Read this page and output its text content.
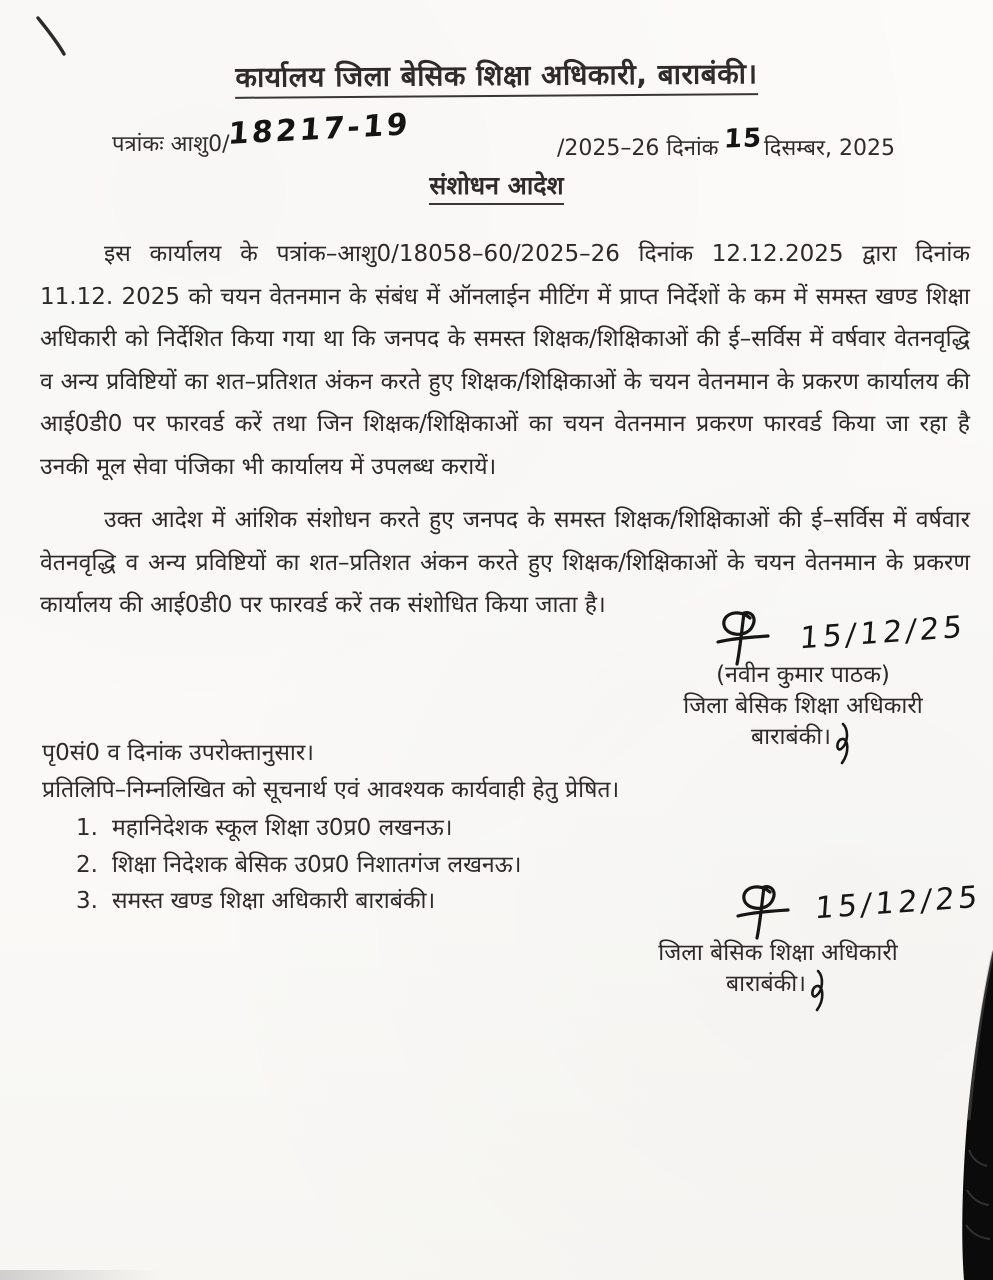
कार्यालय जिला बेसिक शिक्षा अधिकारी, बाराबंकी।
पत्रांकः आशु0/
18217-19	/2025–26 दिनांक 15 दिसम्बर, 2025
संशोधन आदेश

इस कार्यालय के पत्रांक–आशु0/18058–60/2025–26 दिनांक 12.12.2025 द्वारा दिनांक 11.12. 2025 को चयन वेतनमान के संबंध में ऑनलाईन मीटिंग में प्राप्त निर्देशों के कम में समस्त खण्ड शिक्षा अधिकारी को निर्देशित किया गया था कि जनपद के समस्त शिक्षक/शिक्षिकाओं की ई–सर्विस में वर्षवार वेतनवृद्धि व अन्य प्रविष्टियों का शत–प्रतिशत अंकन करते हुए शिक्षक/शिक्षिकाओं के चयन वेतनमान के प्रकरण कार्यालय की आई0डी0 पर फारवर्ड करें तथा जिन शिक्षक/शिक्षिकाओं का चयन वेतनमान प्रकरण फारवर्ड किया जा रहा है उनकी मूल सेवा पंजिका भी कार्यालय में उपलब्ध करायें।

उक्त आदेश में आंशिक संशोधन करते हुए जनपद के समस्त शिक्षक/शिक्षिकाओं की ई–सर्विस में वर्षवार वेतनवृद्धि व अन्य प्रविष्टियों का शत–प्रतिशत अंकन करते हुए शिक्षक/शिक्षिकाओं के चयन वेतनमान के प्रकरण कार्यालय की आई0डी0 पर फारवर्ड करें तक संशोधित किया जाता है।

15/12/25
(नवीन कुमार पाठक)
जिला बेसिक शिक्षा अधिकारी
बाराबंकी।
पृ0सं0 व दिनांक उपरोक्तानुसार।
प्रतिलिपि–निम्नलिखित को सूचनार्थ एवं आवश्यक कार्यवाही हेतु प्रेषित।
1. महानिदेशक स्कूल शिक्षा उ0प्र0 लखनऊ।
2. शिक्षा निदेशक बेसिक उ0प्र0 निशातगंज लखनऊ।
3. समस्त खण्ड शिक्षा अधिकारी बाराबंकी।	15/12/25
जिला बेसिक शिक्षा अधिकारी
बाराबंकी।
